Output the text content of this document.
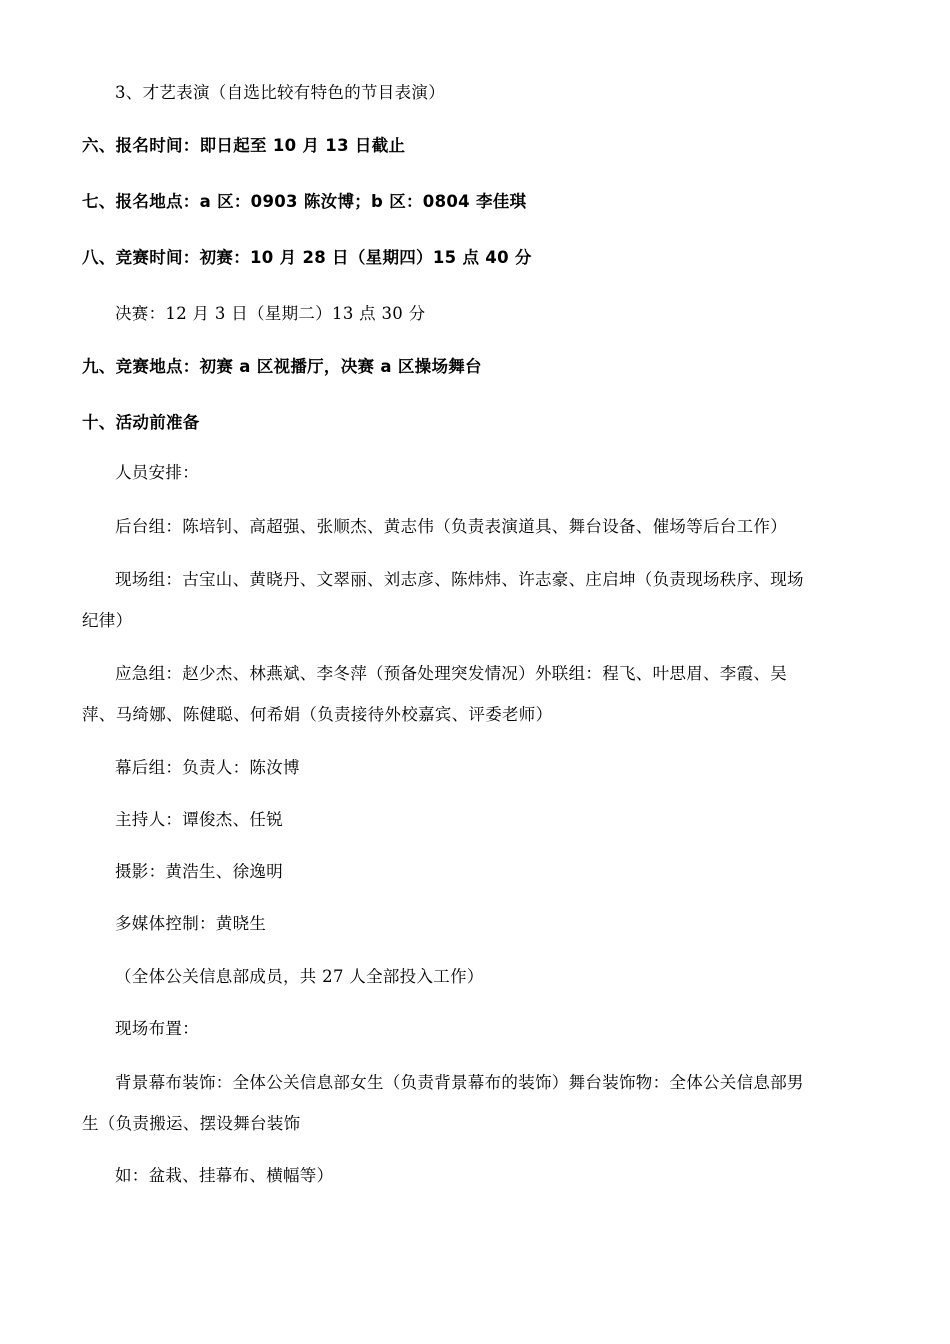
3、才艺表演（自选比较有特色的节目表演）
六、报名时间：即日起至 10 月 13 日截止
七、报名地点：a 区：0903 陈汝博；b 区：0804 李佳琪
八、竞赛时间：初赛：10 月 28 日（星期四）15 点 40 分
决赛：12 月 3 日（星期二）13 点 30 分
九、竞赛地点：初赛 a 区视播厅，决赛 a 区操场舞台
十、活动前准备
人员安排：
后台组：陈培钊、高超强、张顺杰、黄志伟（负责表演道具、舞台设备、催场等后台工作）
现场组：古宝山、黄晓丹、文翠丽、刘志彦、陈炜炜、许志豪、庄启坤（负责现场秩序、现场
纪律）
应急组：赵少杰、林燕斌、李冬萍（预备处理突发情况）外联组：程飞、叶思眉、李霞、吴
萍、马绮娜、陈健聪、何希娟（负责接待外校嘉宾、评委老师）
幕后组：负责人：陈汝博
主持人：谭俊杰、任锐
摄影：黄浩生、徐逸明
多媒体控制：黄晓生
（全体公关信息部成员，共 27 人全部投入工作）
现场布置：
背景幕布装饰：全体公关信息部女生（负责背景幕布的装饰）舞台装饰物：全体公关信息部男
生（负责搬运、摆设舞台装饰
如：盆栽、挂幕布、横幅等）
